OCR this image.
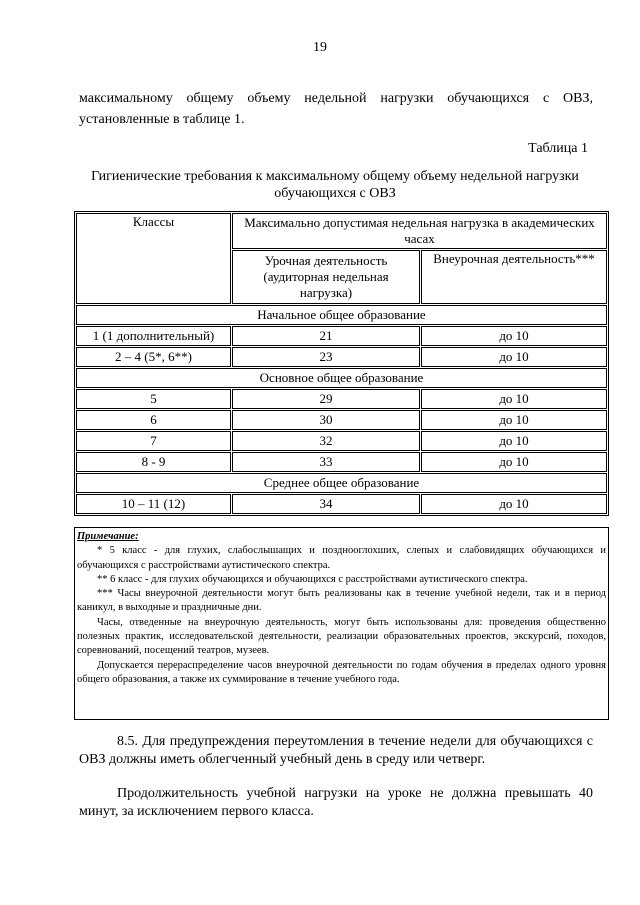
19

максимальному общему объему недельной нагрузки обучающихся с ОВЗ, установленные в таблице 1.

Таблица 1
Гигиенические требования к максимальному общему объему недельной нагрузки обучающихся с ОВЗ
Классы	Максимально допустимая недельная нагрузка в академических часах	
	Урочная деятельность (аудиторная недельная нагрузка)	Внеурочная деятельность***
Начальное общее образование		
1 (1 дополнительный)	21	до 10
2 – 4 (5*, 6**)	23	до 10
Основное общее образование		
5	29	до 10
6	30	до 10
7	32	до 10
8 - 9	33	до 10
Среднее общее образование		
10 – 11 (12)	34	до 10
Примечание:

* 5 класс - для глухих, слабослышащих и позднооглохших, слепых и слабовидящих обучающихся и обучающихся с расстройствами аутистического спектра.

** 6 класс - для глухих обучающихся и обучающихся с расстройствами аутистического спектра.

*** Часы внеурочной деятельности могут быть реализованы как в течение учебной недели, так и в период каникул, в выходные и праздничные дни.

Часы, отведенные на внеурочную деятельность, могут быть использованы для: проведения общественно полезных практик, исследовательской деятельности, реализации образовательных проектов, экскурсий, походов, соревнований, посещений театров, музеев.

Допускается перераспределение часов внеурочной деятельности по годам обучения в пределах одного уровня общего образования, а также их суммирование в течение учебного года.

8.5. Для предупреждения переутомления в течение недели для обучающихся с ОВЗ должны иметь облегченный учебный день в среду или четверг.

Продолжительность учебной нагрузки на уроке не должна превышать 40 минут, за исключением первого класса.
